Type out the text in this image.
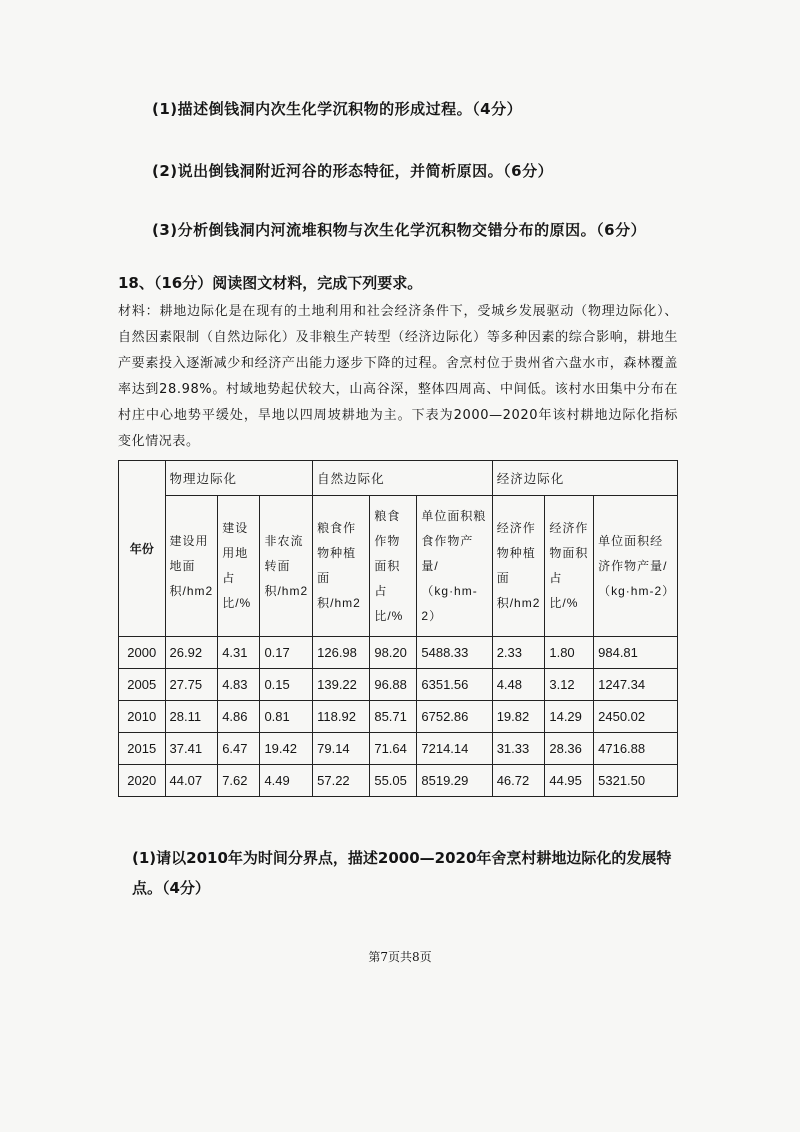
(1)描述倒钱洞内次生化学沉积物的形成过程。（4分）
(2)说出倒钱洞附近河谷的形态特征，并简析原因。（6分）
(3)分析倒钱洞内河流堆积物与次生化学沉积物交错分布的原因。（6分）
18、（16分）阅读图文材料，完成下列要求。

材料：耕地边际化是在现有的土地利用和社会经济条件下，受城乡发展驱动（物理边际化）、自然因素限制（自然边际化）及非粮生产转型（经济边际化）等多种因素的综合影响，耕地生产要素投入逐渐减少和经济产出能力逐步下降的过程。舍烹村位于贵州省六盘水市，森林覆盖率达到28.98%。村域地势起伏较大，山高谷深，整体四周高、中间低。该村水田集中分布在村庄中心地势平缓处，旱地以四周坡耕地为主。下表为2000—2020年该村耕地边际化指标变化情况表。

年份	物理边际化			自然边际化			经济边际化		
	建设用地面积/hm2	建设用地占比/%	非农流转面积/hm2	粮食作物种植面积/hm2	粮食作物面积占比/%	单位面积粮食作物产量/（kg·hm-2）	经济作物种植面积/hm2	经济作物面积占比/%	单位面积经济作物产量/（kg·hm-2）
2000	26.92	4.31	0.17	126.98	98.20	5488.33	2.33	1.80	984.81
2005	27.75	4.83	0.15	139.22	96.88	6351.56	4.48	3.12	1247.34
2010	28.11	4.86	0.81	118.92	85.71	6752.86	19.82	14.29	2450.02
2015	37.41	6.47	19.42	79.14	71.64	7214.14	31.33	28.36	4716.88
2020	44.07	7.62	4.49	57.22	55.05	8519.29	46.72	44.95	5321.50
(1)请以2010年为时间分界点，描述2000—2020年舍烹村耕地边际化的发展特点。（4分）
第7页共8页
